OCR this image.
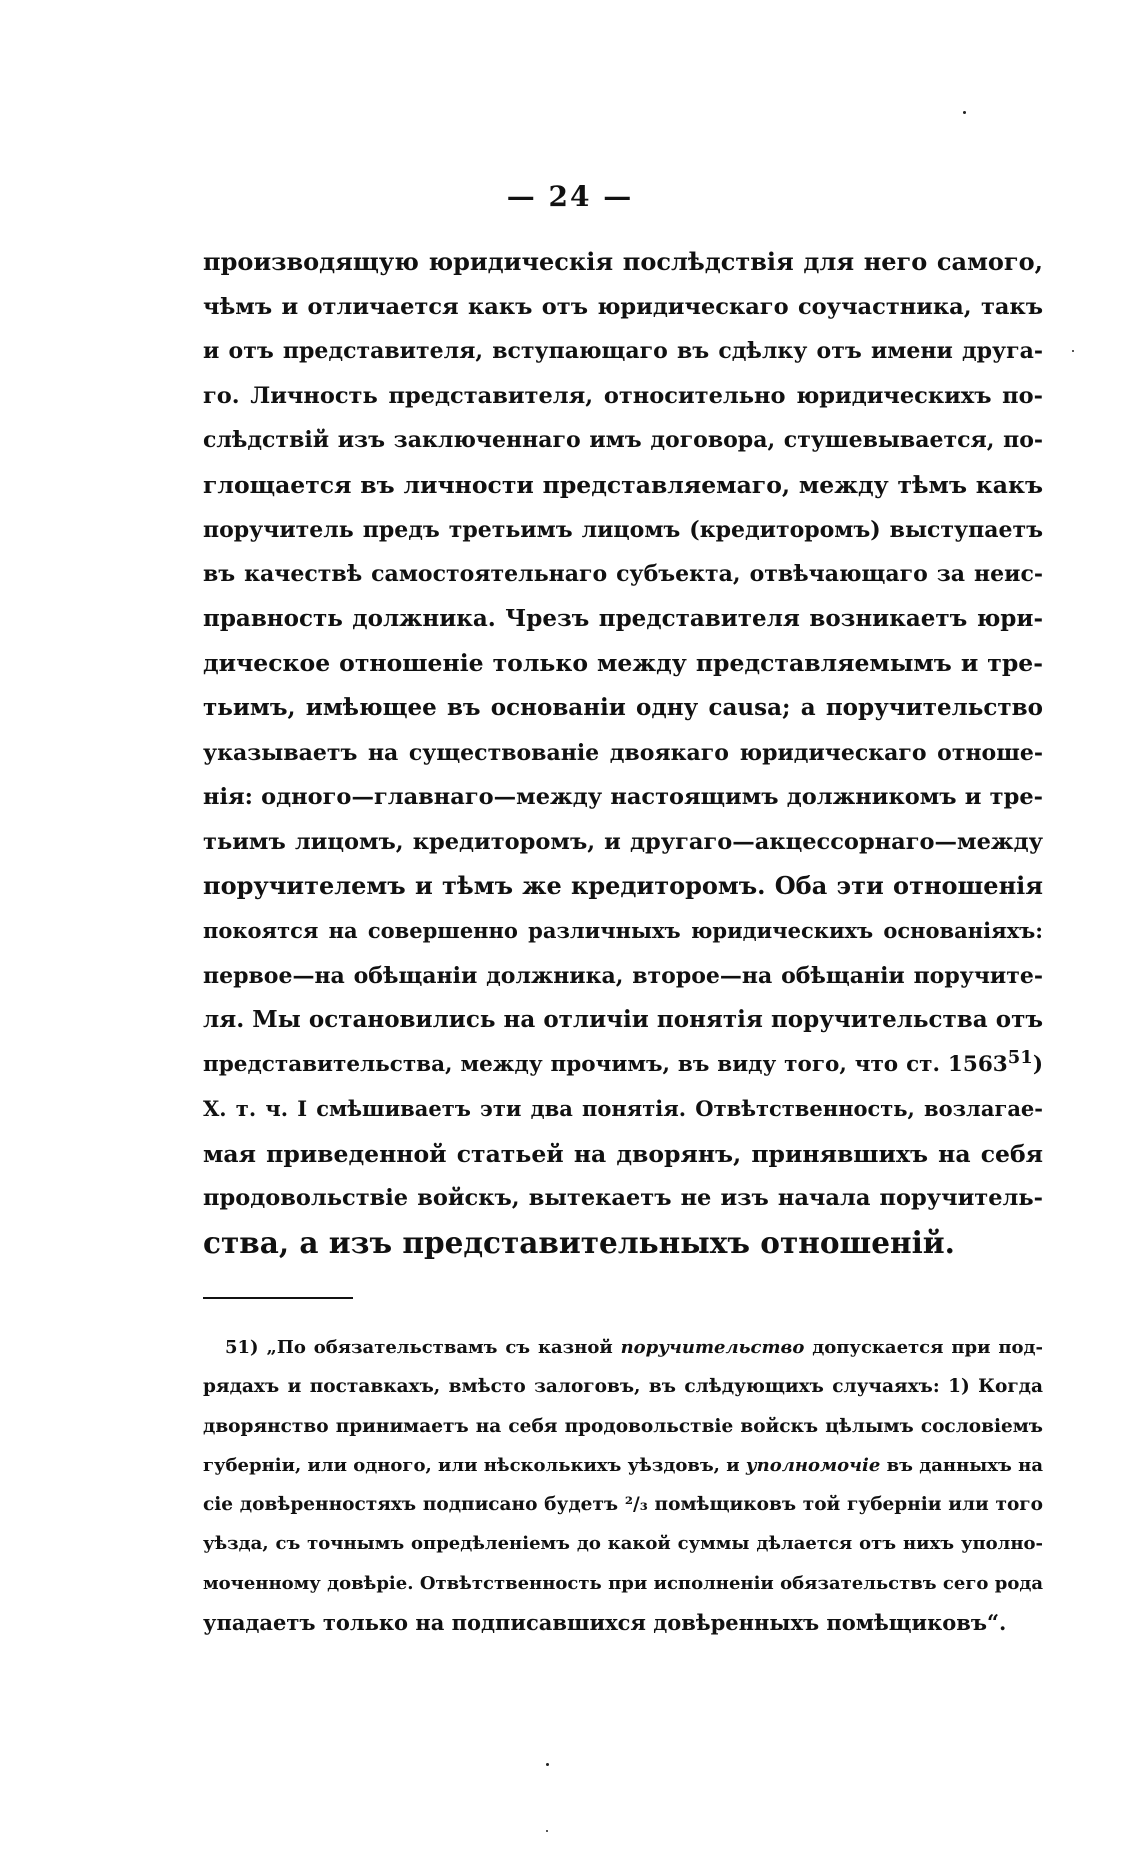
— 24 —
производящую юридическія послѣдствія для него самого,
чѣмъ и отличается какъ отъ юридическаго соучастника, такъ
и отъ представителя, вступающаго въ сдѣлку отъ имени друга-
го. Личность представителя, относительно юридическихъ по-
слѣдствій изъ заключеннаго имъ договора, стушевывается, по-
глощается въ личности представляемаго, между тѣмъ какъ
поручитель предъ третьимъ лицомъ (кредиторомъ) выступаетъ
въ качествѣ самостоятельнаго субъекта, отвѣчающаго за неис-
правность должника. Чрезъ представителя возникаетъ юри-
дическое отношеніе только между представляемымъ и тре-
тьимъ, имѣющее въ основаніи одну causa; а поручительство
указываетъ на существованіе двоякаго юридическаго отноше-
нія: одного—главнаго—между настоящимъ должникомъ и тре-
тьимъ лицомъ, кредиторомъ, и другаго—акцессорнаго—между
поручителемъ и тѣмъ же кредиторомъ. Оба эти отношенія
покоятся на совершенно различныхъ юридическихъ основаніяхъ:
первое—на обѣщаніи должника, второе—на обѣщаніи поручите-
ля. Мы остановились на отличіи понятія поручительства отъ
представительства, между прочимъ, въ виду того, что ст. 1563$^{51}$)
X. т. ч. I смѣшиваетъ эти два понятія. Отвѣтственность, возлагае-
мая приведенной статьей на дворянъ, принявшихъ на себя
продовольствіе войскъ, вытекаетъ не изъ начала поручитель-
ства, а изъ представительныхъ отношеній.
51) „По обязательствамъ съ казной поручительство допускается при под-
рядахъ и поставкахъ, вмѣсто залоговъ, въ слѣдующихъ случаяхъ: 1) Когда
дворянство принимаетъ на себя продовольствіе войскъ цѣлымъ сословіемъ
губерніи, или одного, или нѣсколькихъ уѣздовъ, и уполномочіе въ данныхъ на
сіе довѣренностяхъ подписано будетъ ²/₃ помѣщиковъ той губерніи или того
уѣзда, съ точнымъ опредѣленіемъ до какой суммы дѣлается отъ нихъ уполно-
моченному довѣріе. Отвѣтственность при исполненіи обязательствъ сего рода
упадаетъ только на подписавшихся довѣренныхъ помѣщиковъ“.
